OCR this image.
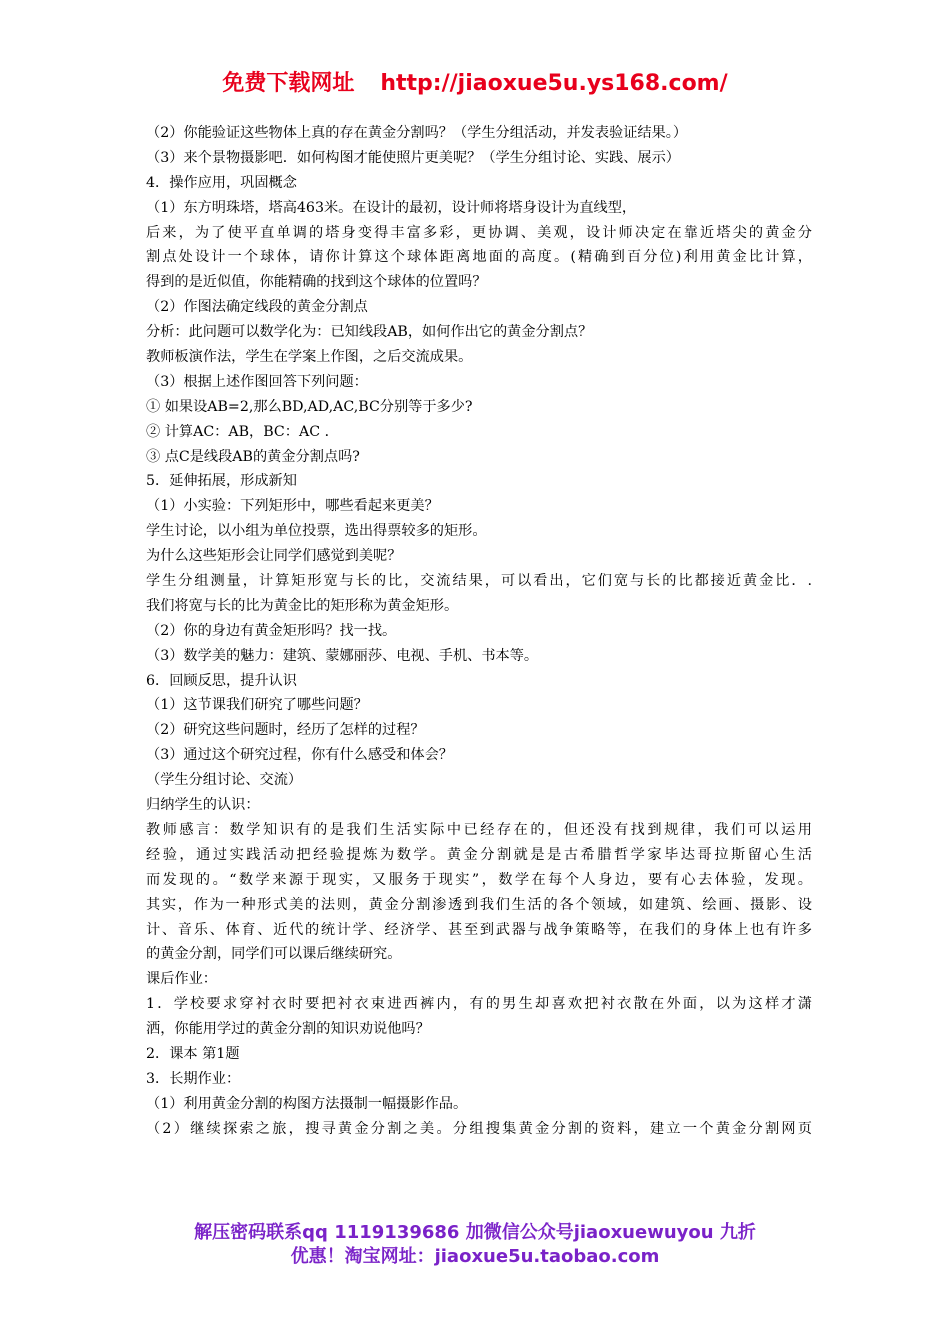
免费下载网址 http://jiaoxue5u.ys168.com/
（2）你能验证这些物体上真的存在黄金分割吗？（学生分组活动，并发表验证结果。）
（3）来个景物摄影吧．如何构图才能使照片更美呢？（学生分组讨论、实践、展示）
4．操作应用，巩固概念
（1）东方明珠塔，塔高463米。在设计的最初，设计师将塔身设计为直线型，
后来，为了使平直单调的塔身变得丰富多彩，更协调、美观，设计师决定在靠近塔尖的黄金分
割点处设计一个球体，请你计算这个球体距离地面的高度。(精确到百分位)利用黄金比计算，
得到的是近似值，你能精确的找到这个球体的位置吗？
（2）作图法确定线段的黄金分割点
分析：此问题可以数学化为：已知线段AB，如何作出它的黄金分割点？
教师板演作法，学生在学案上作图，之后交流成果。
（3）根据上述作图回答下列问题：
① 如果设AB=2,那么BD,AD,AC,BC分别等于多少?
② 计算AC：AB，BC：AC ．
③ 点C是线段AB的黄金分割点吗?
5．延伸拓展，形成新知
（1）小实验：下列矩形中，哪些看起来更美？
学生讨论，以小组为单位投票，选出得票较多的矩形。
为什么这些矩形会让同学们感觉到美呢？
学生分组测量，计算矩形宽与长的比，交流结果，可以看出，它们宽与长的比都接近黄金比．.
我们将宽与长的比为黄金比的矩形称为黄金矩形。
（2）你的身边有黄金矩形吗？找一找。
（3）数学美的魅力：建筑、蒙娜丽莎、电视、手机、书本等。
6．回顾反思，提升认识
（1）这节课我们研究了哪些问题？
（2）研究这些问题时，经历了怎样的过程？
（3）通过这个研究过程，你有什么感受和体会？
（学生分组讨论、交流）
归纳学生的认识：
教师感言：数学知识有的是我们生活实际中已经存在的，但还没有找到规律，我们可以运用
经验，通过实践活动把经验提炼为数学。黄金分割就是是古希腊哲学家毕达哥拉斯留心生活
而发现的。“数学来源于现实，又服务于现实”，数学在每个人身边，要有心去体验，发现。
其实，作为一种形式美的法则，黄金分割渗透到我们生活的各个领域，如建筑、绘画、摄影、设
计、音乐、体育、近代的统计学、经济学、甚至到武器与战争策略等，在我们的身体上也有许多
的黄金分割，同学们可以课后继续研究。
课后作业：
1．学校要求穿衬衣时要把衬衣束进西裤内，有的男生却喜欢把衬衣散在外面，以为这样才潇
洒，你能用学过的黄金分割的知识劝说他吗？
2．课本 第1题
3．长期作业：
（1）利用黄金分割的构图方法摄制一幅摄影作品。
（2）继续探索之旅，搜寻黄金分割之美。分组搜集黄金分割的资料，建立一个黄金分割网页
解压密码联系qq 1119139686 加微信公众号jiaoxuewuyou 九折
优惠！淘宝网址：jiaoxue5u.taobao.com
